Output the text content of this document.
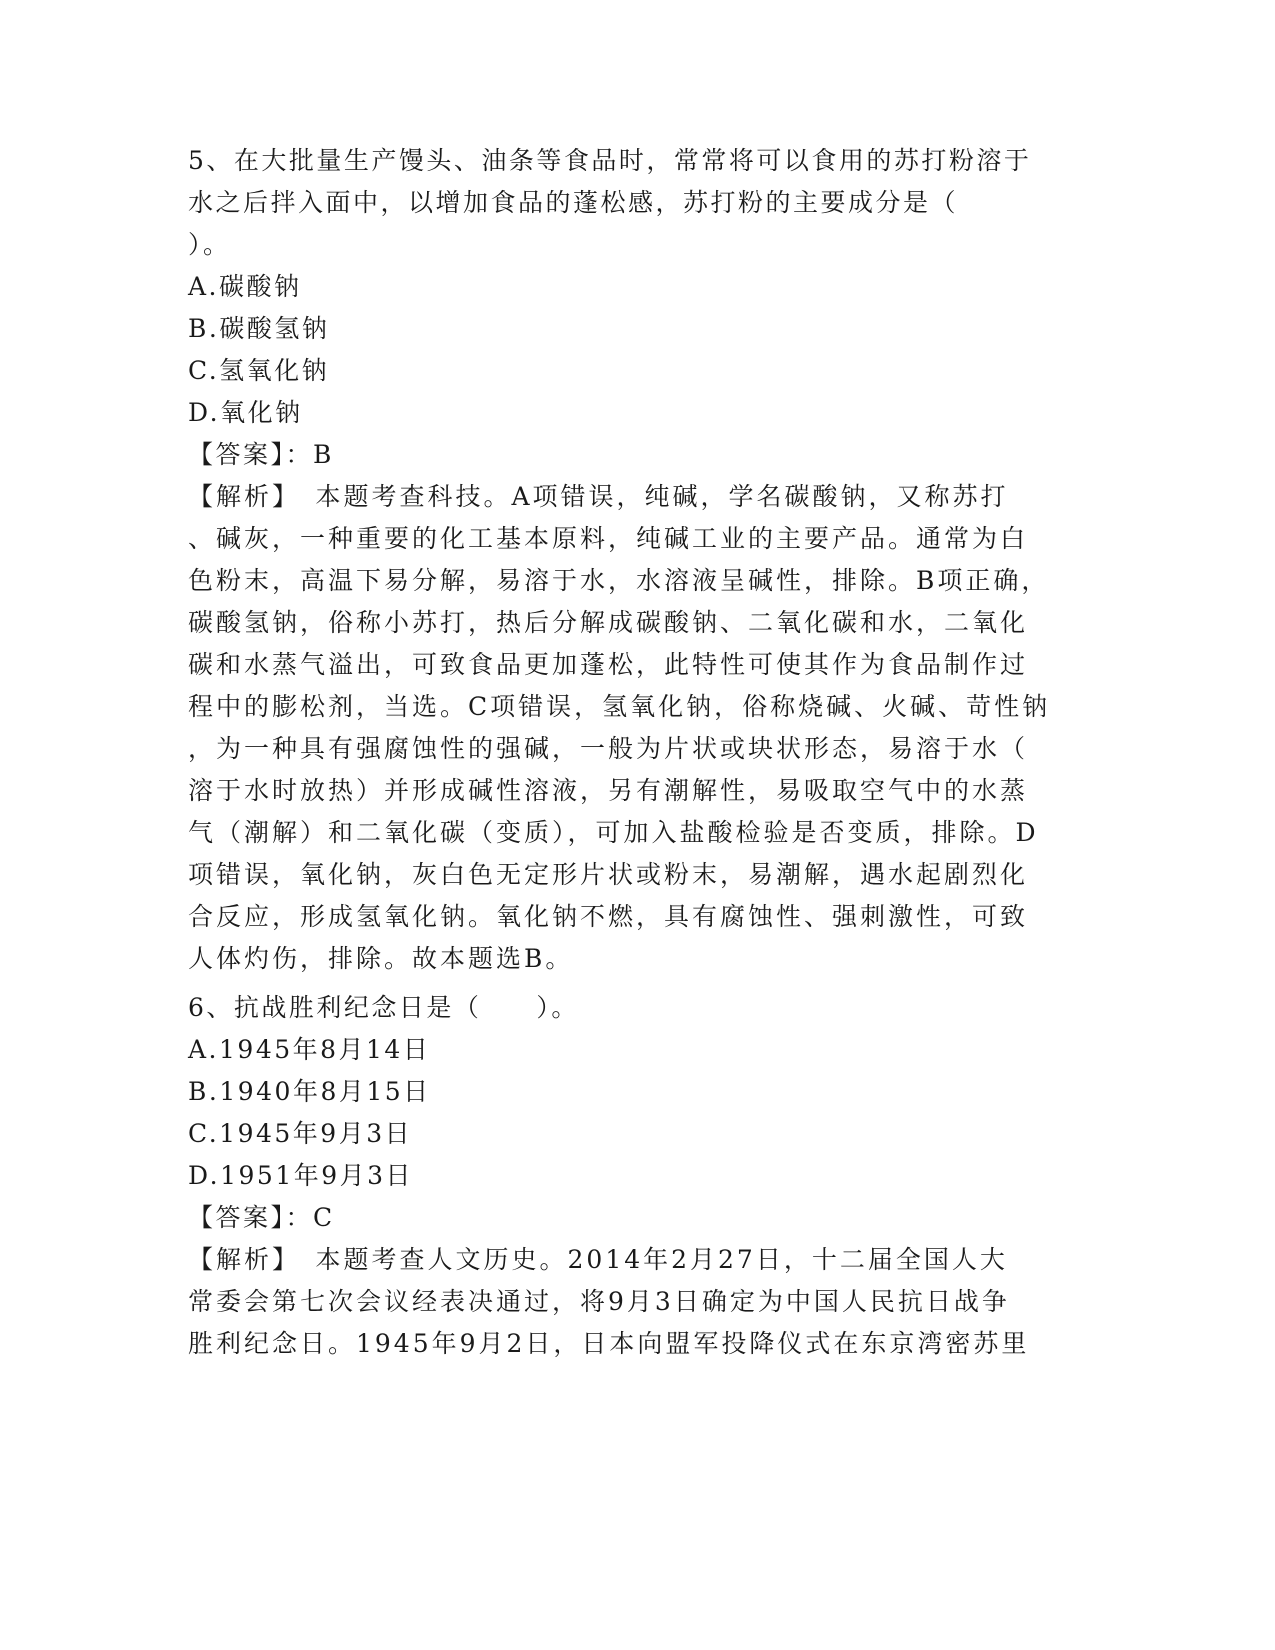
5、在大批量生产馒头、油条等食品时，常常将可以食用的苏打粉溶于
水之后拌入面中，以增加食品的蓬松感，苏打粉的主要成分是（
）。
A.碳酸钠
B.碳酸氢钠
C.氢氧化钠
D.氧化钠
【答案】：B
【解析】　本题考查科技。A项错误，纯碱，学名碳酸钠，又称苏打
、碱灰，一种重要的化工基本原料，纯碱工业的主要产品。通常为白
色粉末，高温下易分解，易溶于水，水溶液呈碱性，排除。B项正确，
碳酸氢钠，俗称小苏打，热后分解成碳酸钠、二氧化碳和水，二氧化
碳和水蒸气溢出，可致食品更加蓬松，此特性可使其作为食品制作过
程中的膨松剂，当选。C项错误，氢氧化钠，俗称烧碱、火碱、苛性钠
，为一种具有强腐蚀性的强碱，一般为片状或块状形态，易溶于水（
溶于水时放热）并形成碱性溶液，另有潮解性，易吸取空气中的水蒸
气（潮解）和二氧化碳（变质），可加入盐酸检验是否变质，排除。D
项错误，氧化钠，灰白色无定形片状或粉末，易潮解，遇水起剧烈化
合反应，形成氢氧化钠。氧化钠不燃，具有腐蚀性、强刺激性，可致
人体灼伤，排除。故本题选B。
6、抗战胜利纪念日是（　　）。
A.1945年8月14日
B.1940年8月15日
C.1945年9月3日
D.1951年9月3日
【答案】：C
【解析】　本题考查人文历史。2014年2月27日，十二届全国人大
常委会第七次会议经表决通过，将9月3日确定为中国人民抗日战争
胜利纪念日。1945年9月2日，日本向盟军投降仪式在东京湾密苏里
